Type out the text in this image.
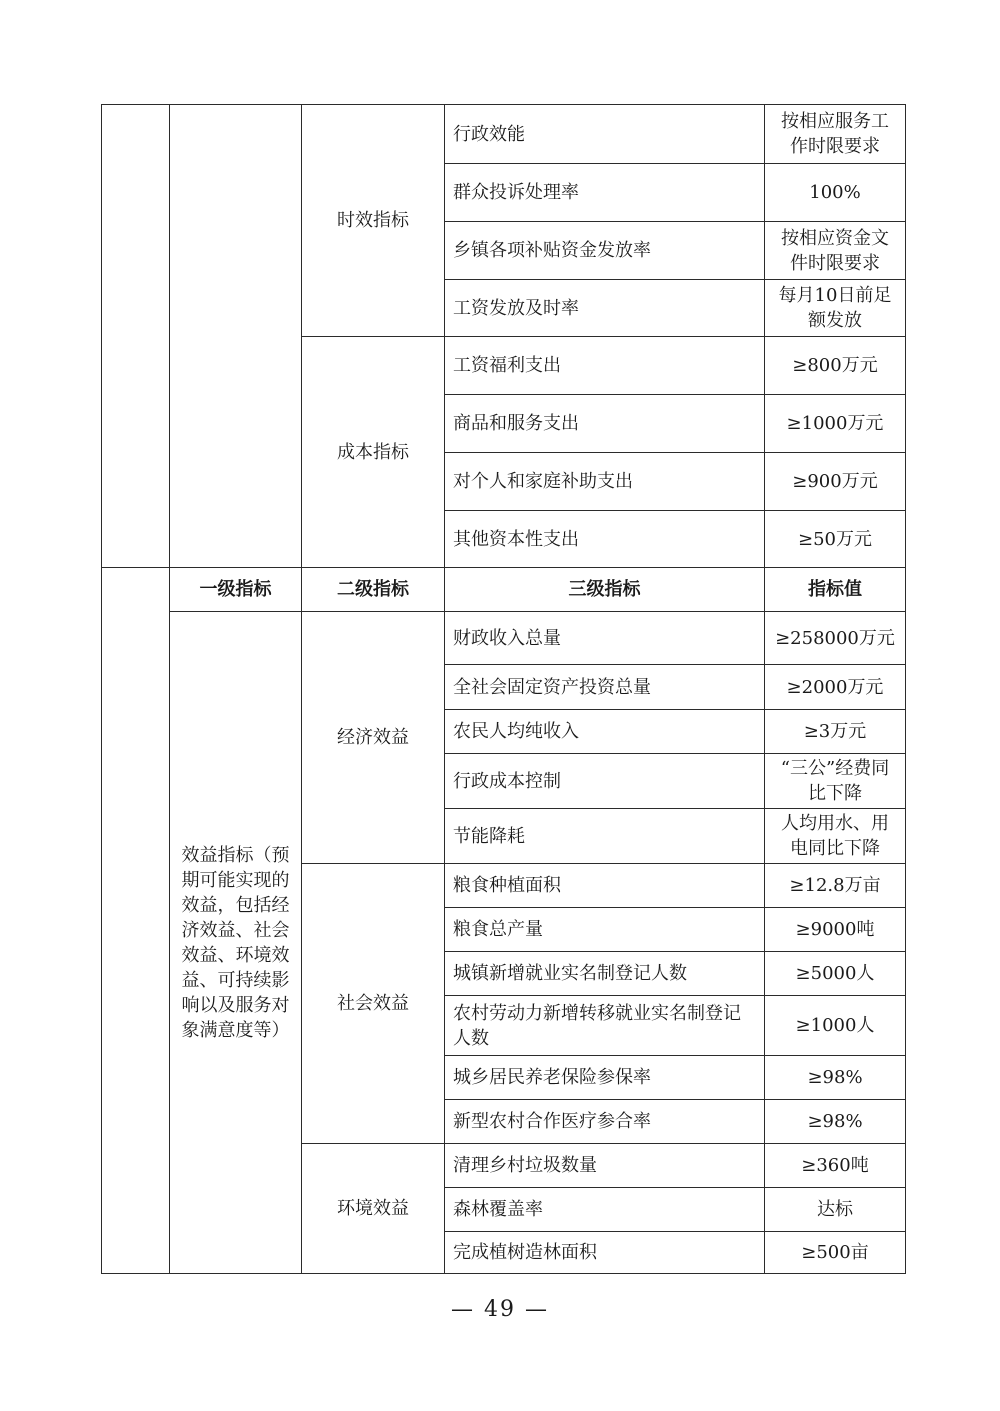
		时效指标	行政效能	按相应服务工作时限要求
			群众投诉处理率	100%
			乡镇各项补贴资金发放率	按相应资金文件时限要求
			工资发放及时率	每月10日前足额发放
		成本指标	工资福利支出	≥800万元
			商品和服务支出	≥1000万元
			对个人和家庭补助支出	≥900万元
			其他资本性支出	≥50万元
	一级指标	二级指标	三级指标	指标值
	效益指标（预期可能实现的效益，包括经济效益、社会效益、环境效益、可持续影响以及服务对象满意度等）	经济效益	财政收入总量	≥258000万元
			全社会固定资产投资总量	≥2000万元
			农民人均纯收入	≥3万元
			行政成本控制	“三公”经费同比下降
			节能降耗	人均用水、用电同比下降
		社会效益	粮食种植面积	≥12.8万亩
			粮食总产量	≥9000吨
			城镇新增就业实名制登记人数	≥5000人
			农村劳动力新增转移就业实名制登记人数	≥1000人
			城乡居民养老保险参保率	≥98%
			新型农村合作医疗参合率	≥98%
		环境效益	清理乡村垃圾数量	≥360吨
			森林覆盖率	达标
			完成植树造林面积	≥500亩
— 49 —
